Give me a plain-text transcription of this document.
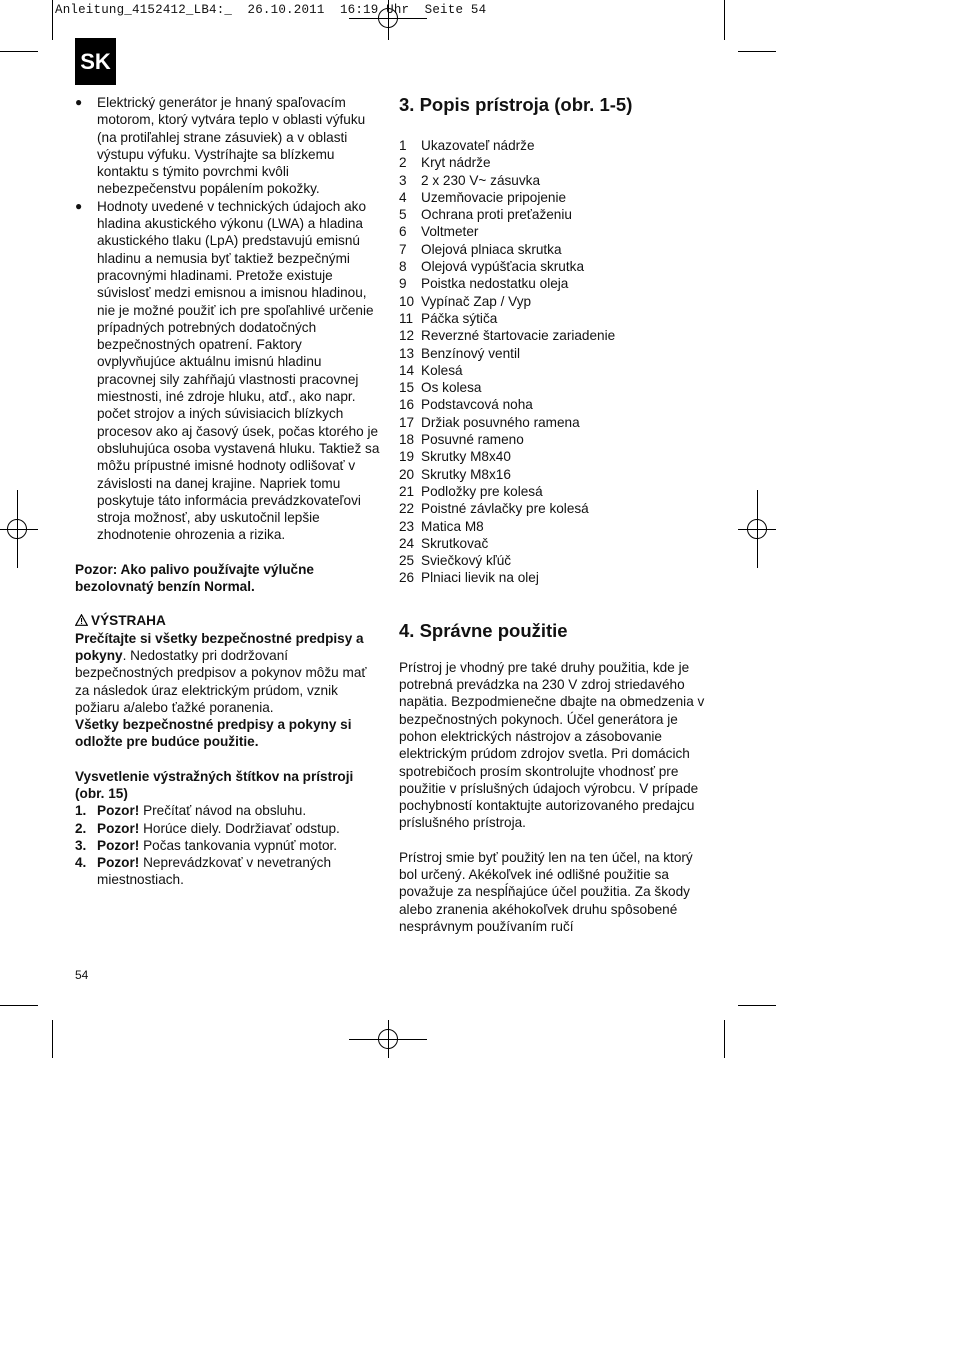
Anleitung_4152412_LB4:_  26.10.2011  16:19 Uhr  Seite 54
SK
● Elektrický generátor je hnaný spaľovacím motorom, ktorý vytvára teplo v oblasti výfuku (na protiľahlej strane zásuviek) a v oblasti výstupu výfuku. Vystríhajte sa blízkemu kontaktu s týmito povrchmi kvôli nebezpečenstvu popálením pokožky.

● Hodnoty uvedené v technických údajoch ako hladina akustického výkonu (LWA) a hladina akustického tlaku (LpA) predstavujú emisnú hladinu a nemusia byť taktiež bezpečnými pracovnými hladinami. Pretože existuje súvislosť medzi emisnou a imisnou hladinou, nie je možné použiť ich pre spoľahlivé určenie prípadných potrebných dodatočných bezpečnostných opatrení. Faktory ovplyvňujúce aktuálnu imisnú hladinu pracovnej sily zahŕňajú vlastnosti pracovnej miestnosti, iné zdroje hluku, atď., ako napr. počet strojov a iných súvisiacich blízkych procesov ako aj časový úsek, počas ktorého je obsluhujúca osoba vystavená hluku. Taktiež sa môžu prípustné imisné hodnoty odlišovať v závislosti na danej krajine. Napriek tomu poskytuje táto informácia prevádzkovateľovi stroja možnosť, aby uskutočnil lepšie zhodnotenie ohrozenia a rizika.

Pozor: Ako palivo používajte výlučne bezolovnatý benzín Normal.

VÝSTRAHA

Prečítajte si všetky bezpečnostné predpisy a pokyny. Nedostatky pri dodržovaní bezpečnostných predpisov a pokynov môžu mať za následok úraz elektrickým prúdom, vznik požiaru a/alebo ťažké poranenia.

Všetky bezpečnostné predpisy a pokyny si odložte pre budúce použitie.

Vysvetlenie výstražných štítkov na prístroji (obr. 15)

1. Pozor! Prečítať návod na obsluhu.
2. Pozor! Horúce diely. Dodržiavať odstup.
3. Pozor! Počas tankovania vypnúť motor.
4. Pozor! Neprevádzkovať v nevetraných miestnostiach.
54
3. Popis prístroja (obr. 1-5)
1 Ukazovateľ nádrže
2 Kryt nádrže
3 2 x 230 V~ zásuvka
4 Uzemňovacie pripojenie
5 Ochrana proti preťaženiu
6 Voltmeter
7 Olejová plniaca skrutka
8 Olejová vypúšťacia skrutka
9 Poistka nedostatku oleja
10 Vypínač Zap / Vyp
11 Páčka sýtiča
12 Reverzné štartovacie zariadenie
13 Benzínový ventil
14 Kolesá
15 Os kolesa
16 Podstavcová noha
17 Držiak posuvného ramena
18 Posuvné rameno
19 Skrutky M8x40
20 Skrutky M8x16
21 Podložky pre kolesá
22 Poistné závlačky pre kolesá
23 Matica M8
24 Skrutkovač
25 Sviečkový kľúč
26 Plniaci lievik na olej
4. Správne použitie

Prístroj je vhodný pre také druhy použitia, kde je potrebná prevádzka na 230 V zdroj striedavého napätia. Bezpodmienečne dbajte na obmedzenia v bezpečnostných pokynoch. Účel generátora je pohon elektrických nástrojov a zásobovanie elektrickým prúdom zdrojov svetla. Pri domácich spotrebičoch prosím skontrolujte vhodnosť pre použitie v príslušných údajoch výrobcu. V prípade pochybností kontaktujte autorizovaného predajcu príslušného prístroja.

Prístroj smie byť použitý len na ten účel, na ktorý bol určený. Akékoľvek iné odlišné použitie sa považuje za nespĺňajúce účel použitia. Za škody alebo zranenia akéhokoľvek druhu spôsobené nesprávnym používaním ručí
